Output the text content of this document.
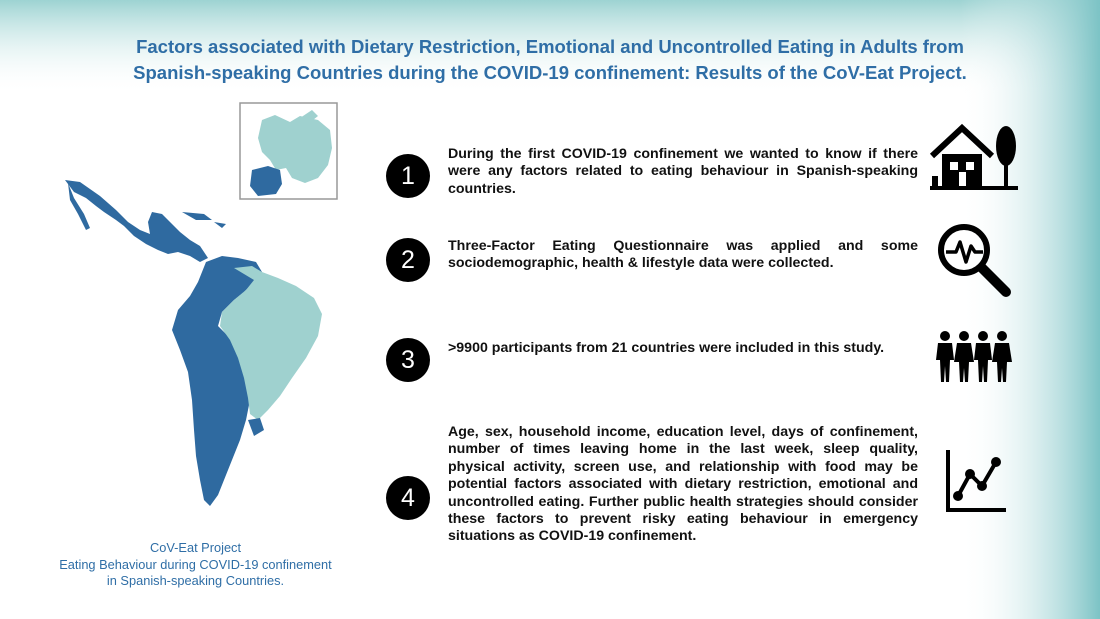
Factors associated with Dietary Restriction, Emotional and Uncontrolled Eating in Adults from
Spanish-speaking Countries during the COVID-19 confinement: Results of the CoV-Eat Project.
1

During the first COVID-19 confinement we wanted to know if there were any factors related to eating behaviour in Spanish-speaking countries.

2	Three-Factor Eating Questionnaire was applied and some sociodemographic, health & lifestyle data were collected.

3	>9900 participants from 21 countries were included in this study.

4

Age, sex, household income, education level, days of confinement, number of times leaving home in the last week, sleep quality, physical activity, screen use, and relationship with food may be potential factors associated with dietary restriction, emotional and uncontrolled eating. Further public health strategies should consider these factors to prevent risky eating behaviour in emergency situations as COVID-19 confinement.

CoV-Eat Project
Eating Behaviour during COVID-19 confinement
in Spanish-speaking Countries.
